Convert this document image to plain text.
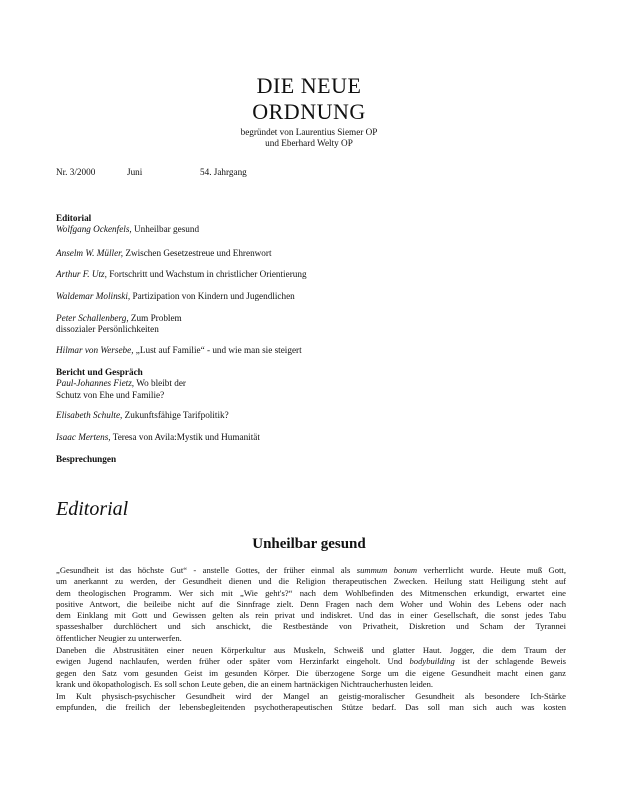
DIE NEUE
ORDNUNG
begründet von Laurentius Siemer OP
und Eberhard Welty OP
Nr. 3/2000	Juni	54. Jahrgang
Editorial
Wolfgang Ockenfels, Unheilbar gesund
Anselm W. Müller, Zwischen Gesetzestreue und Ehrenwort
Arthur F. Utz, Fortschritt und Wachstum in christlicher Orientierung
Waldemar Molinski, Partizipation von Kindern und Jugendlichen
Peter Schallenberg, Zum Problem
dissozialer Persönlichkeiten
Hilmar von Wersebe, „Lust auf Familie“ - und wie man sie steigert
Bericht und Gespräch
Paul-Johannes Fietz, Wo bleibt der
Schutz von Ehe und Familie?
Elisabeth Schulte, Zukunftsfähige Tarifpolitik?
Isaac Mertens, Teresa von Avila:Mystik und Humanität
Besprechungen
Editorial
Unheilbar gesund
„Gesundheit ist das höchste Gut“ - anstelle Gottes, der früher einmal als summum bonum verherrlicht wurde. Heute muß Gott,
um anerkannt zu werden, der Gesundheit dienen und die Religion therapeutischen Zwecken. Heilung statt Heiligung steht auf
dem theologischen Programm. Wer sich mit „Wie geht's?“ nach dem Wohlbefinden des Mitmenschen erkundigt, erwartet eine
positive Antwort, die beileibe nicht auf die Sinnfrage zielt. Denn Fragen nach dem Woher und Wohin des Lebens oder nach
dem Einklang mit Gott und Gewissen gelten als rein privat und indiskret. Und das in einer Gesellschaft, die sonst jedes Tabu
spasseshalber durchlöchert und sich anschickt, die Restbestände von Privatheit, Diskretion und Scham der Tyrannei
öffentlicher Neugier zu unterwerfen.
Daneben die Abstrusitäten einer neuen Körperkultur aus Muskeln, Schweiß und glatter Haut. Jogger, die dem Traum der
ewigen Jugend nachlaufen, werden früher oder später vom Herzinfarkt eingeholt. Und bodybuilding ist der schlagende Beweis
gegen den Satz vom gesunden Geist im gesunden Körper. Die überzogene Sorge um die eigene Gesundheit macht einen ganz
krank und ökopathologisch. Es soll schon Leute geben, die an einem hartnäckigen Nichtraucherhusten leiden.
Im Kult physisch-psychischer Gesundheit wird der Mangel an geistig-moralischer Gesundheit als besondere Ich-Stärke
empfunden, die freilich der lebensbegleitenden psychotherapeutischen Stütze bedarf. Das soll man sich auch was kosten
